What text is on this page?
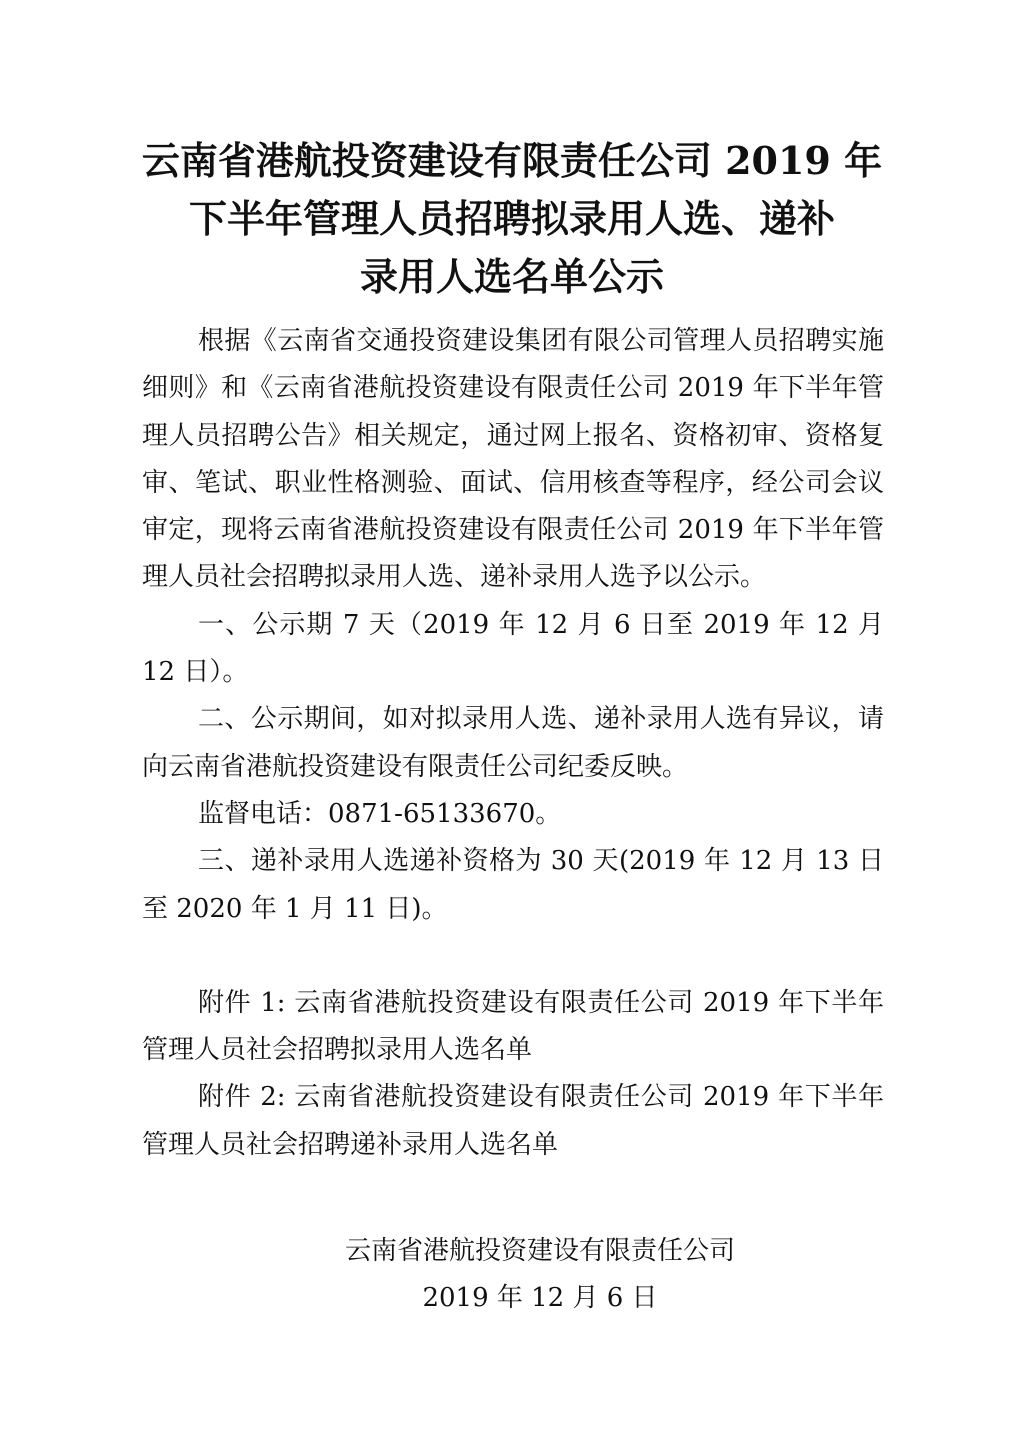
云南省港航投资建设有限责任公司 2019 年
下半年管理人员招聘拟录用人选、递补
录用人选名单公示

根据《云南省交通投资建设集团有限公司管理人员招聘实施细则》和《云南省港航投资建设有限责任公司 2019 年下半年管理人员招聘公告》相关规定，通过网上报名、资格初审、资格复审、笔试、职业性格测验、面试、信用核查等程序，经公司会议审定，现将云南省港航投资建设有限责任公司 2019 年下半年管理人员社会招聘拟录用人选、递补录用人选予以公示。

一、公示期 7 天（2019 年 12 月 6 日至 2019 年 12 月 12 日）。

二、公示期间，如对拟录用人选、递补录用人选有异议，请向云南省港航投资建设有限责任公司纪委反映。

监督电话：0871-65133670。

三、递补录用人选递补资格为 30 天(2019 年 12 月 13 日至 2020 年 1 月 11 日)。

附件 1: 云南省港航投资建设有限责任公司 2019 年下半年管理人员社会招聘拟录用人选名单

附件 2: 云南省港航投资建设有限责任公司 2019 年下半年管理人员社会招聘递补录用人选名单

云南省港航投资建设有限责任公司
2019 年 12 月 6 日
